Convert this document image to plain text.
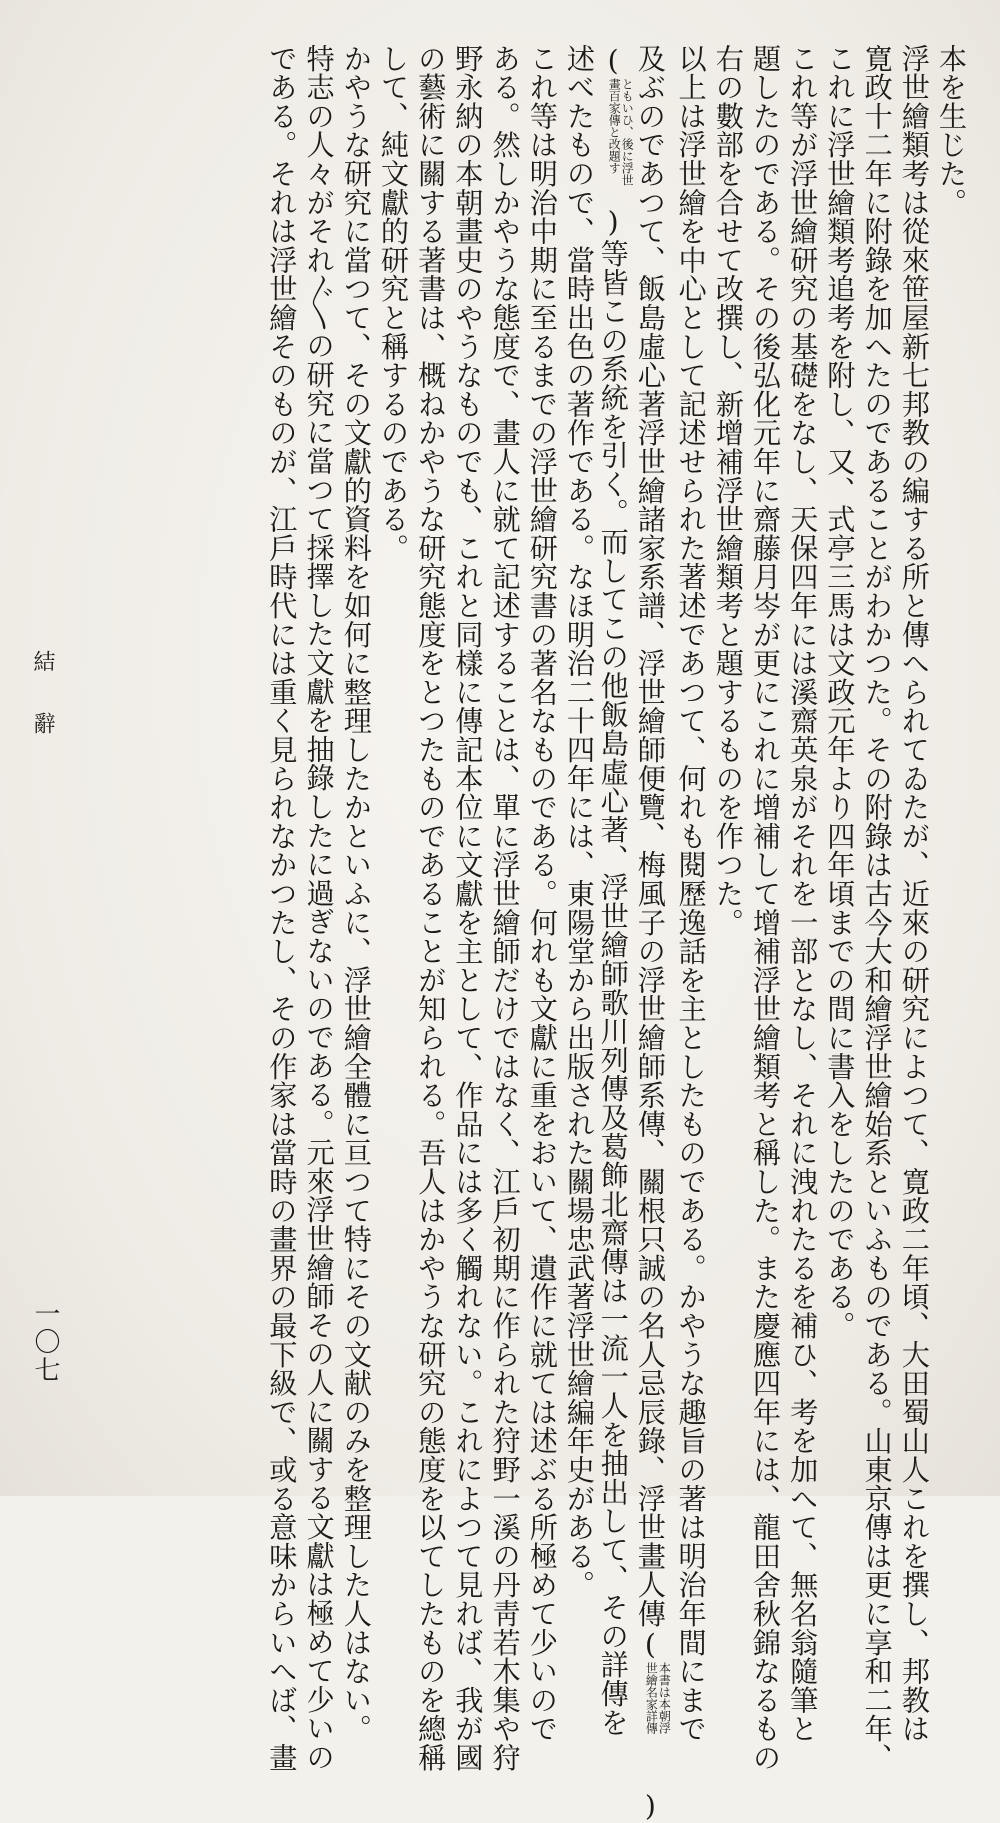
本を生じた。
浮世繪類考は從來笹屋新七邦教の編する所と傳へられてゐたが、近來の研究によつて、寛政二年頃、大田蜀山人これを撰し、邦教は
寛政十二年に附錄を加へたのであることがわかつた。その附錄は古今大和繪浮世繪始系といふものである。山東京傳は更に享和二年、
これに浮世繪類考追考を附し、又、式亭三馬は文政元年より四年頃までの間に書入をしたのである。
これ等が浮世繪研究の基礎をなし、天保四年には溪齋英泉がそれを一部となし、それに洩れたるを補ひ、考を加へて、無名翁隨筆と
題したのである。その後弘化元年に齋藤月岑が更にこれに增補して增補浮世繪類考と稱した。また慶應四年には、龍田舍秋錦なるもの
右の數部を合せて改撰し、新增補浮世繪類考と題するものを作つた。
以上は浮世繪を中心として記述せられた著述であつて、何れも閱歷逸話を主としたものである。かやうな趣旨の著は明治年間にまで
及ぶのであつて、飯島虛心著浮世繪諸家系譜、浮世繪師便覽、梅風子の浮世繪師系傳、關根只誠の名人忌辰錄、浮世畫人傳(
本書は本朝浮
世繪名家詳傳
)
(
ともいひ、後に浮世
畫百家傳と改題す
)等皆この系統を引く。而してこの他飯島虛心著、浮世繪師歌川列傳及葛飾北齋傳は一流一人を抽出して、その詳傳を
述べたもので、當時出色の著作である。なほ明治二十四年には、東陽堂から出版された關場忠武著浮世繪編年史がある。
これ等は明治中期に至るまでの浮世繪研究書の著名なものである。何れも文獻に重をおいて、遺作に就ては述ぶる所極めて少いので
ある。然しかやうな態度で、畫人に就て記述することは、單に浮世繪師だけではなく、江戶初期に作られた狩野一溪の丹靑若木集や狩
野永納の本朝畫史のやうなものでも、これと同樣に傳記本位に文獻を主として、作品には多く觸れない。これによつて見れば、我が國
の藝術に關する著書は、概ねかやうな研究態度をとつたものであることが知られる。吾人はかやうな研究の態度を以てしたものを總稱
して、純文獻的研究と稱するのである。
かやうな研究に當つて、その文獻的資料を如何に整理したかといふに、浮世繪全體に亘つて特にその文献のみを整理した人はない。
特志の人々がそれ〴〵の研究に當つて採擇した文獻を抽錄したに過ぎないのである。元來浮世繪師その人に關する文獻は極めて少いの
である。それは浮世繪そのものが、江戶時代には重く見られなかつたし、その作家は當時の畫界の最下級で、或る意味からいへば、畫
結辭
一〇七
